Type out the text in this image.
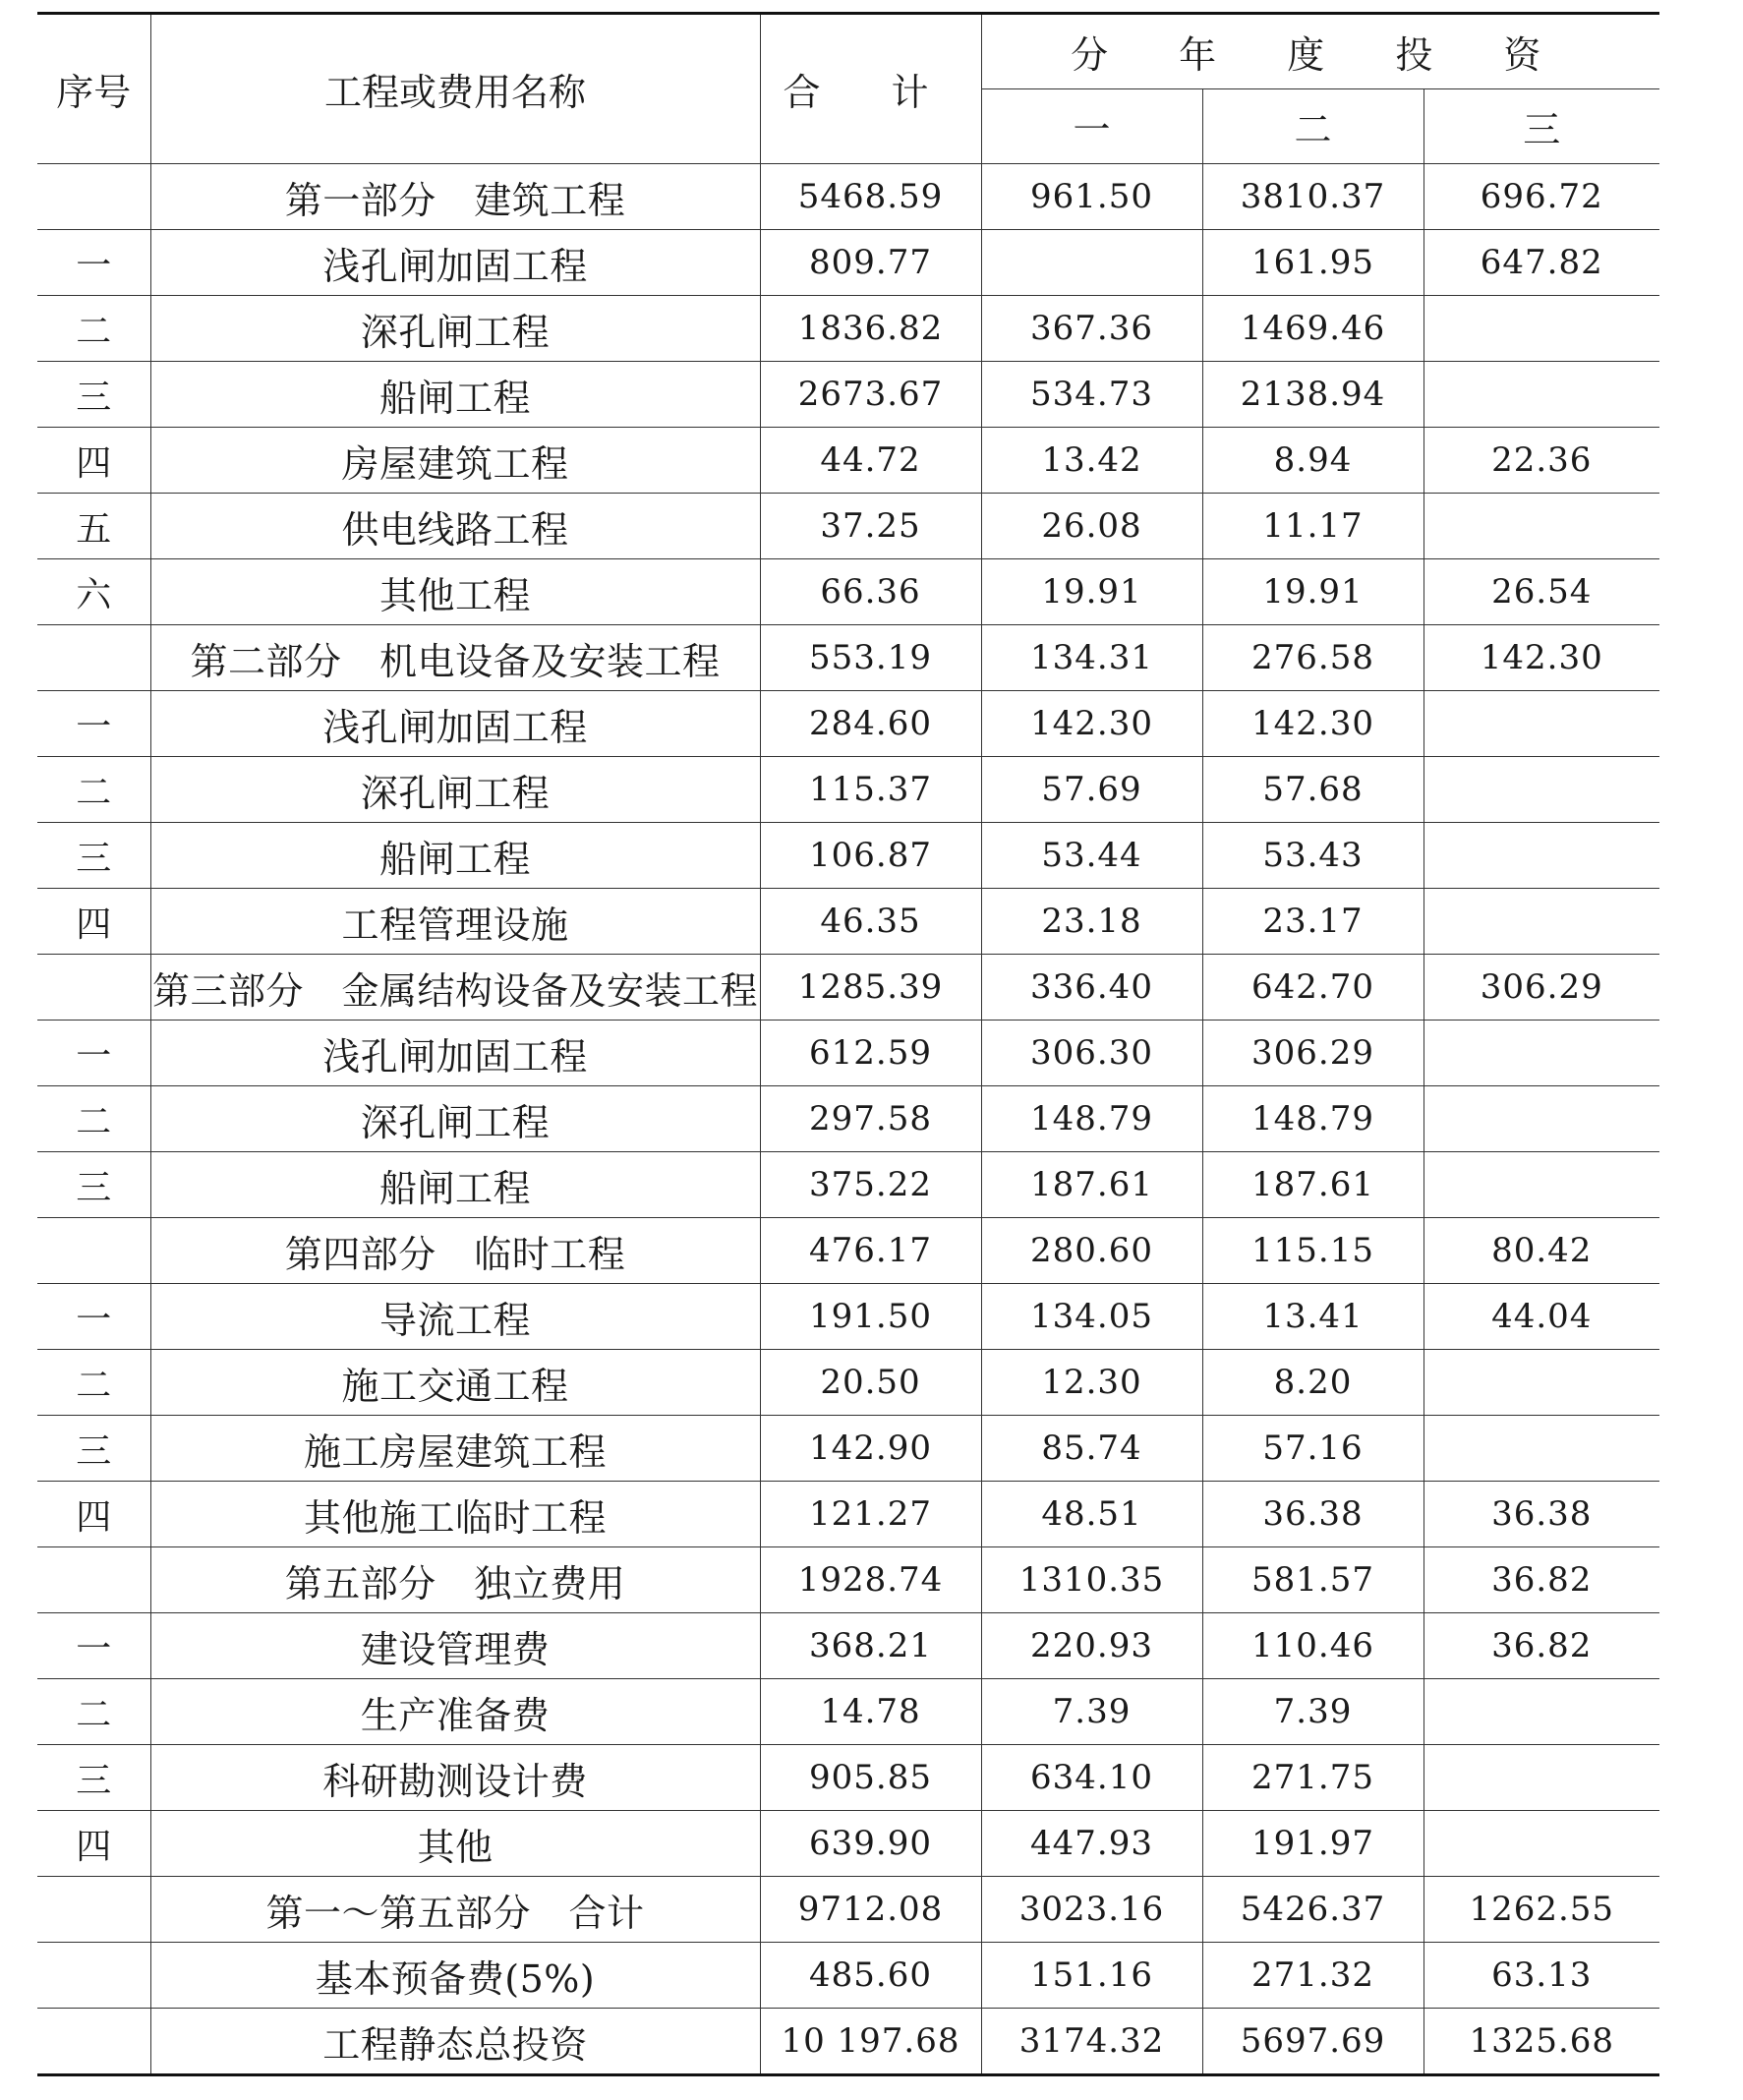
序号	工程或费用名称	合 计	分 年 度 投 资		
			一	二	三
	第一部分　建筑工程	5468.59	961.50	3810.37	696.72
一	浅孔闸加固工程	809.77		161.95	647.82
二	深孔闸工程	1836.82	367.36	1469.46	
三	船闸工程	2673.67	534.73	2138.94	
四	房屋建筑工程	44.72	13.42	8.94	22.36
五	供电线路工程	37.25	26.08	11.17	
六	其他工程	66.36	19.91	19.91	26.54
	第二部分　机电设备及安装工程	553.19	134.31	276.58	142.30
一	浅孔闸加固工程	284.60	142.30	142.30	
二	深孔闸工程	115.37	57.69	57.68	
三	船闸工程	106.87	53.44	53.43	
四	工程管理设施	46.35	23.18	23.17	
	第三部分　金属结构设备及安装工程	1285.39	336.40	642.70	306.29
一	浅孔闸加固工程	612.59	306.30	306.29	
二	深孔闸工程	297.58	148.79	148.79	
三	船闸工程	375.22	187.61	187.61	
	第四部分　临时工程	476.17	280.60	115.15	80.42
一	导流工程	191.50	134.05	13.41	44.04
二	施工交通工程	20.50	12.30	8.20	
三	施工房屋建筑工程	142.90	85.74	57.16	
四	其他施工临时工程	121.27	48.51	36.38	36.38
	第五部分　独立费用	1928.74	1310.35	581.57	36.82
一	建设管理费	368.21	220.93	110.46	36.82
二	生产准备费	14.78	7.39	7.39	
三	科研勘测设计费	905.85	634.10	271.75	
四	其他	639.90	447.93	191.97	
	第一～第五部分　合计	9712.08	3023.16	5426.37	1262.55
	基本预备费(5%)	485.60	151.16	271.32	63.13
	工程静态总投资	10 197.68	3174.32	5697.69	1325.68
